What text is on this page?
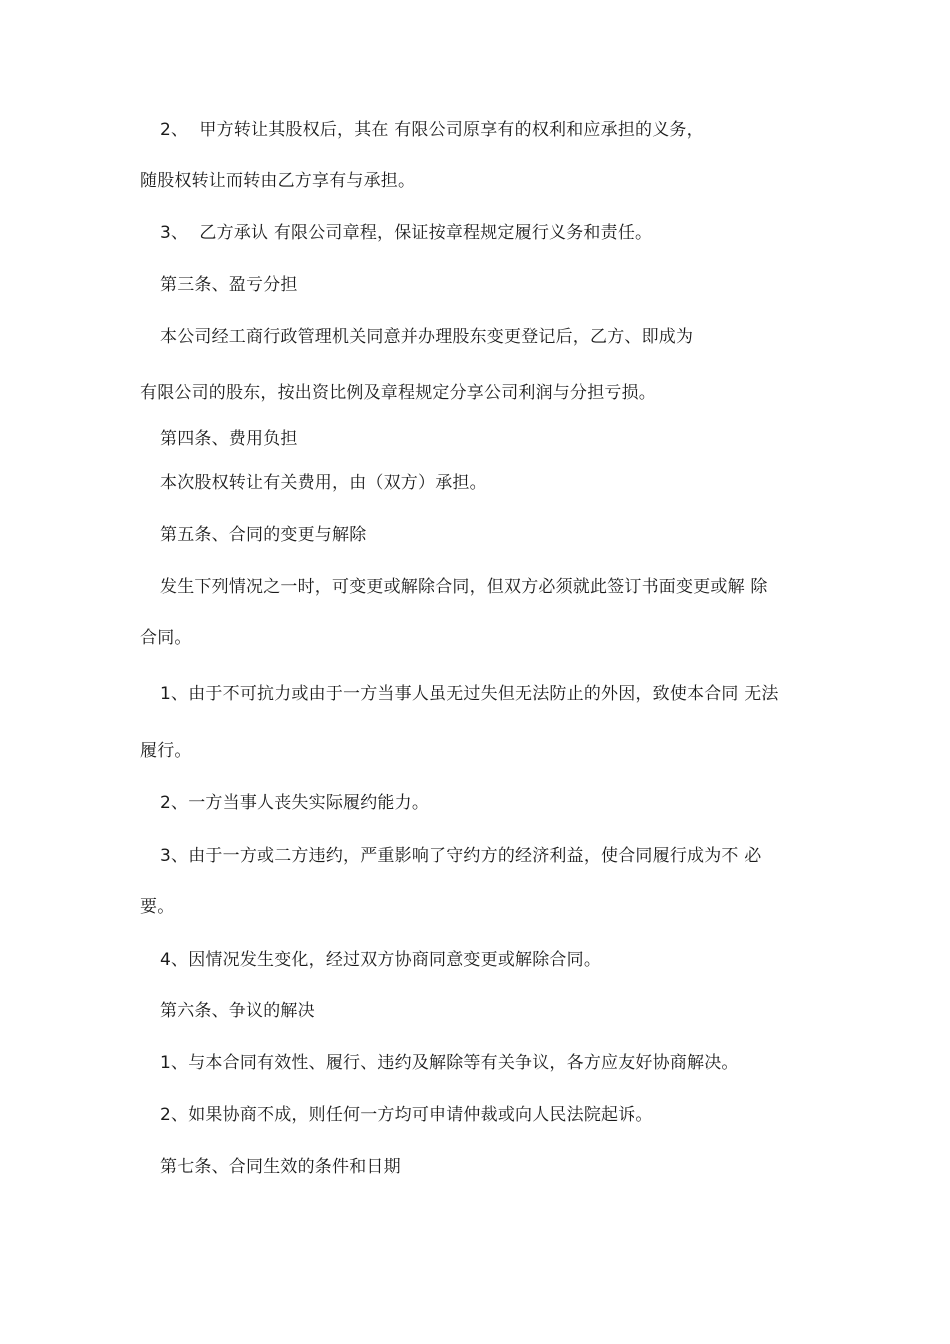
2、  甲方转让其股权后，其在 有限公司原享有的权利和应承担的义务，
随股权转让而转由乙方享有与承担。
3、  乙方承认 有限公司章程，保证按章程规定履行义务和责任。
第三条、盈亏分担
本公司经工商行政管理机关同意并办理股东变更登记后，乙方、即成为
有限公司的股东，按出资比例及章程规定分享公司利润与分担亏损。
第四条、费用负担
本次股权转让有关费用，由（双方）承担。
第五条、合同的变更与解除
发生下列情况之一时，可变更或解除合同，但双方必须就此签订书面变更或解 除
合同。
1、由于不可抗力或由于一方当事人虽无过失但无法防止的外因，致使本合同 无法
履行。
2、一方当事人丧失实际履约能力。
3、由于一方或二方违约，严重影响了守约方的经济利益，使合同履行成为不 必
要。
4、因情况发生变化，经过双方协商同意变更或解除合同。
第六条、争议的解决
1、与本合同有效性、履行、违约及解除等有关争议，各方应友好协商解决。
2、如果协商不成，则任何一方均可申请仲裁或向人民法院起诉。
第七条、合同生效的条件和日期
